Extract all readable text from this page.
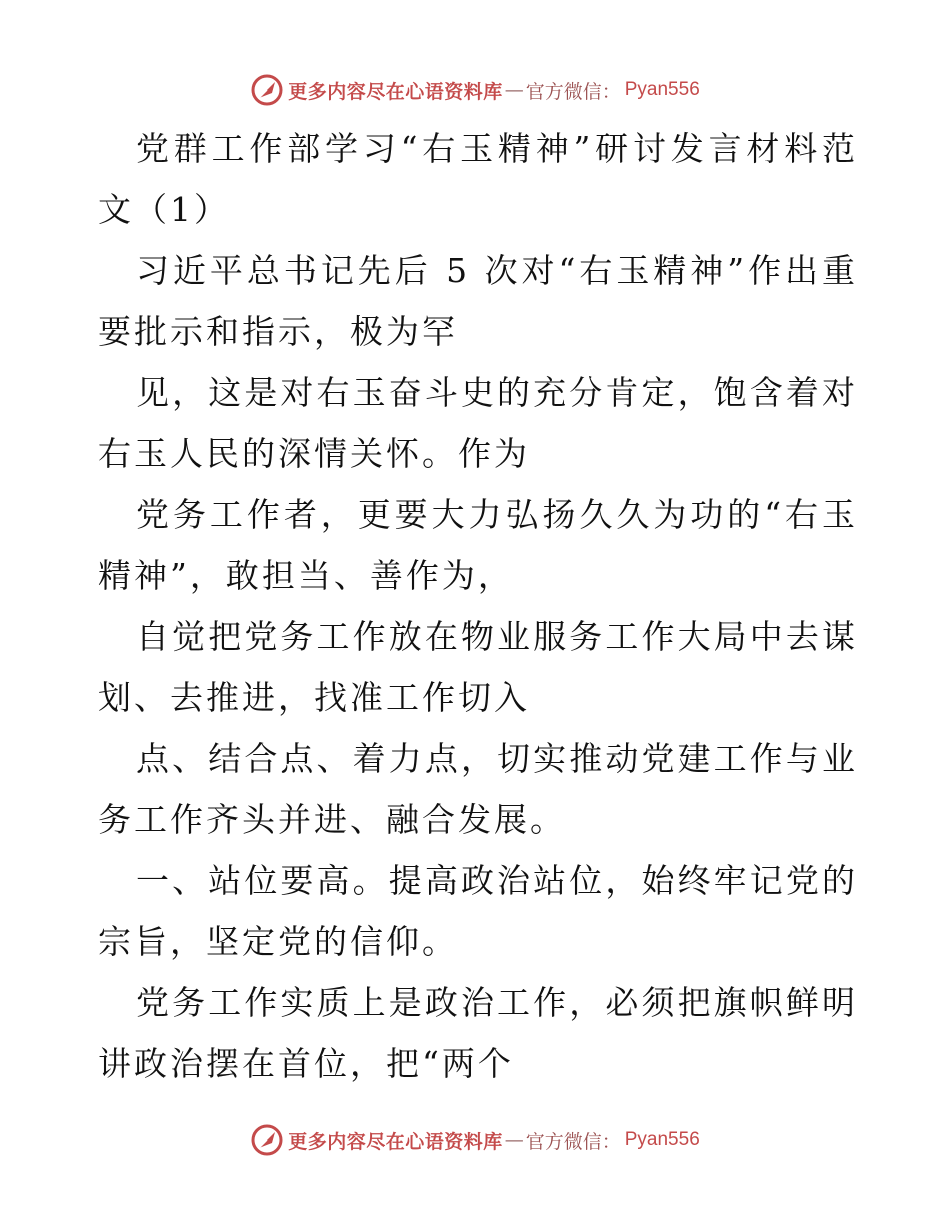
更多内容尽在心语资料库 — 官方微信： Pyan556

党群工作部学习“右玉精神”研讨发言材料范文（1）

习近平总书记先后 5 次对“右玉精神”作出重要批示和指示，极为罕

见，这是对右玉奋斗史的充分肯定，饱含着对右玉人民的深情关怀。作为

党务工作者，更要大力弘扬久久为功的“右玉精神”，敢担当、善作为，

自觉把党务工作放在物业服务工作大局中去谋划、去推进，找准工作切入

点、结合点、着力点，切实推动党建工作与业务工作齐头并进、融合发展。

一、站位要高。提高政治站位，始终牢记党的宗旨，坚定党的信仰。

党务工作实质上是政治工作，必须把旗帜鲜明讲政治摆在首位，把“两个

更多内容尽在心语资料库 — 官方微信： Pyan556
